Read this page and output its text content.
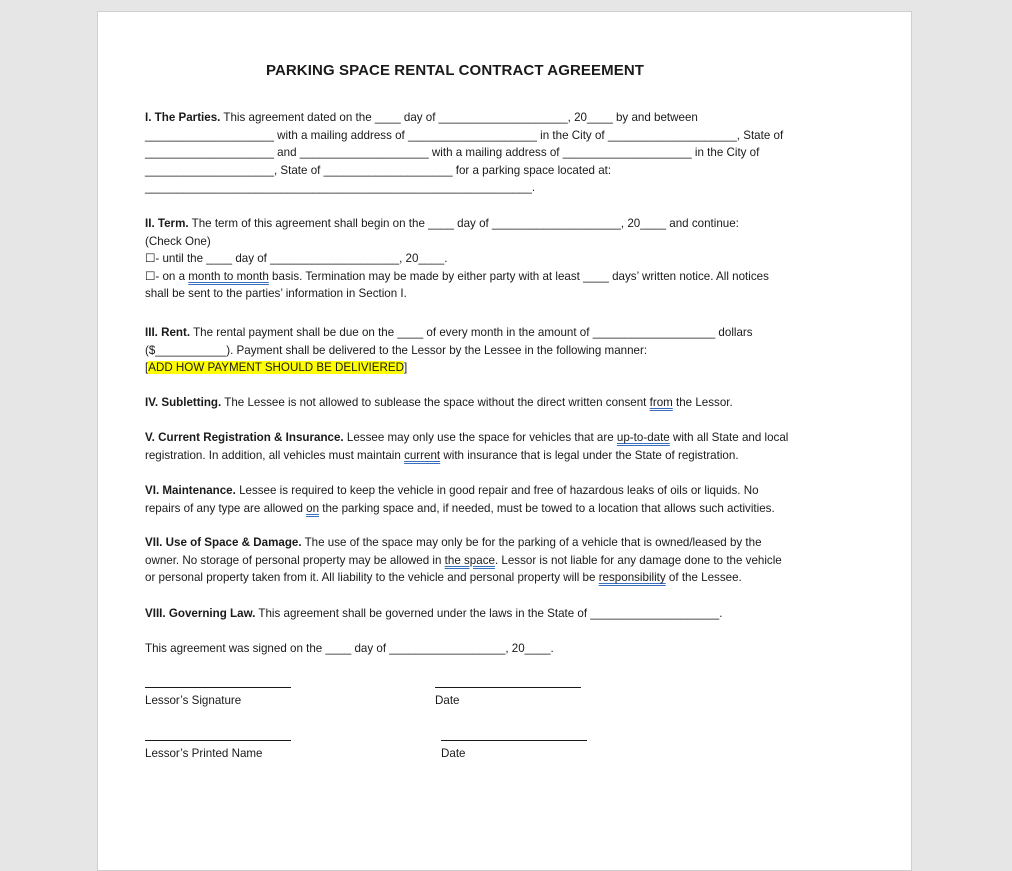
PARKING SPACE RENTAL CONTRACT AGREEMENT
I. The Parties. This agreement dated on the ____ day of ____________________, 20____ by and between
____________________ with a mailing address of ____________________ in the City of ____________________, State of
____________________ and ____________________ with a mailing address of ____________________ in the City of
____________________, State of ____________________ for a parking space located at:
____________________________________________________________.
II. Term. The term of this agreement shall begin on the ____ day of ____________________, 20____ and continue:
(Check One)
☐- until the ____ day of ____________________, 20____.
☐- on a month to month basis. Termination may be made by either party with at least ____ days’ written notice. All notices
shall be sent to the parties’ information in Section I.
III. Rent. The rental payment shall be due on the ____ of every month in the amount of ___________________ dollars
($___________). Payment shall be delivered to the Lessor by the Lessee in the following manner:
[ADD HOW PAYMENT SHOULD BE DELIVIERED]
IV. Subletting. The Lessee is not allowed to sublease the space without the direct written consent from the Lessor.
V. Current Registration & Insurance. Lessee may only use the space for vehicles that are up-to-date with all State and local
registration. In addition, all vehicles must maintain current with insurance that is legal under the State of registration.
VI. Maintenance. Lessee is required to keep the vehicle in good repair and free of hazardous leaks of oils or liquids. No
repairs of any type are allowed on the parking space and, if needed, must be towed to a location that allows such activities.
VII. Use of Space & Damage. The use of the space may only be for the parking of a vehicle that is owned/leased by the
owner. No storage of personal property may be allowed in the space. Lessor is not liable for any damage done to the vehicle
or personal property taken from it. All liability to the vehicle and personal property will be responsibility of the Lessee.
VIII. Governing Law. This agreement shall be governed under the laws in the State of ____________________.
This agreement was signed on the ____ day of __________________, 20____.
Lessor’s Signature	Date
Lessor’s Printed Name	Date
